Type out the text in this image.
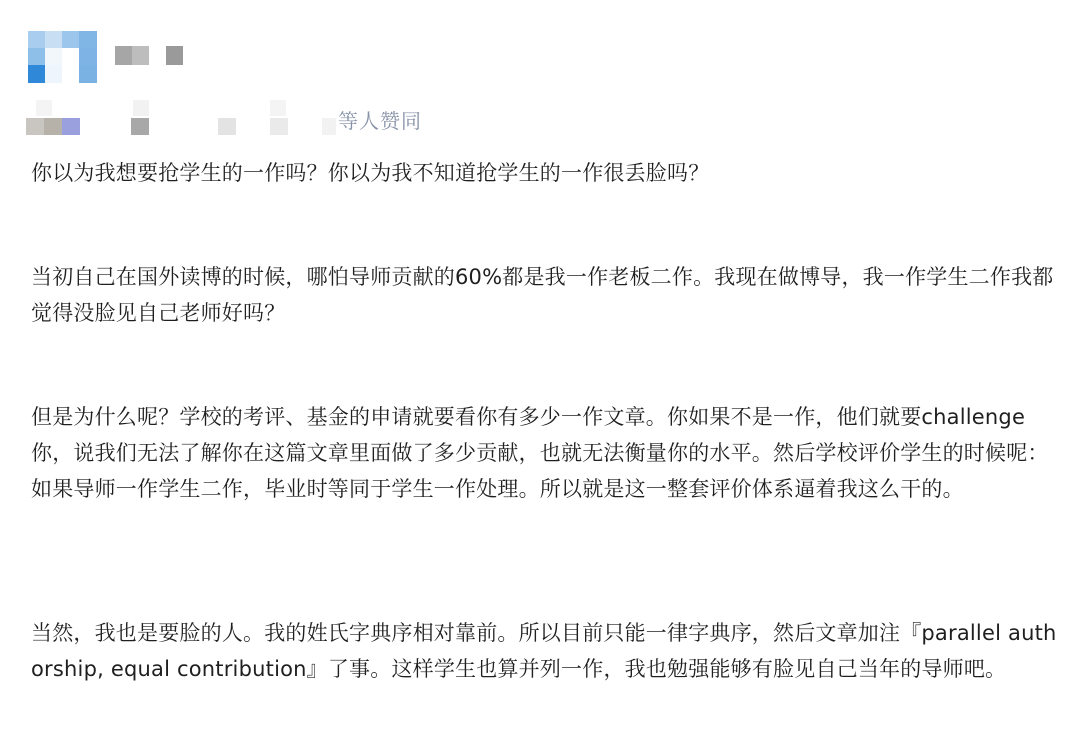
等人赞同

你以为我想要抢学生的一作吗？你以为我不知道抢学生的一作很丢脸吗？

当初自己在国外读博的时候，哪怕导师贡献的60%都是我一作老板二作。我现在做博导，我一作学生二作我都觉得没脸见自己老师好吗？

但是为什么呢？学校的考评、基金的申请就要看你有多少一作文章。你如果不是一作，他们就要challenge你，说我们无法了解你在这篇文章里面做了多少贡献，也就无法衡量你的水平。然后学校评价学生的时候呢：如果导师一作学生二作，毕业时等同于学生一作处理。所以就是这一整套评价体系逼着我这么干的。

当然，我也是要脸的人。我的姓氏字典序相对靠前。所以目前只能一律字典序，然后文章加注『parallel authorship, equal contribution』了事。这样学生也算并列一作，我也勉强能够有脸见自己当年的导师吧。
